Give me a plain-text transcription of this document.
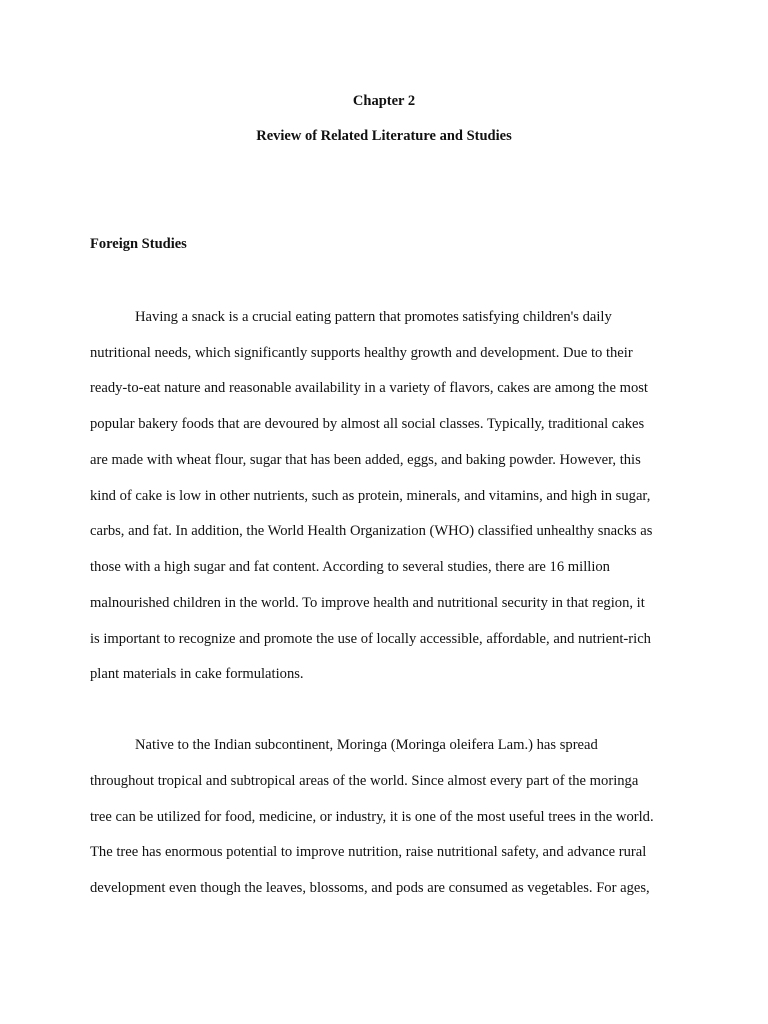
Chapter 2
Review of Related Literature and Studies
Foreign Studies
Having a snack is a crucial eating pattern that promotes satisfying children's daily
nutritional needs, which significantly supports healthy growth and development. Due to their
ready-to-eat nature and reasonable availability in a variety of flavors, cakes are among the most
popular bakery foods that are devoured by almost all social classes. Typically, traditional cakes
are made with wheat flour, sugar that has been added, eggs, and baking powder. However, this
kind of cake is low in other nutrients, such as protein, minerals, and vitamins, and high in sugar,
carbs, and fat. In addition, the World Health Organization (WHO) classified unhealthy snacks as
those with a high sugar and fat content. According to several studies, there are 16 million
malnourished children in the world. To improve health and nutritional security in that region, it
is important to recognize and promote the use of locally accessible, affordable, and nutrient-rich
plant materials in cake formulations.
Native to the Indian subcontinent, Moringa (Moringa oleifera Lam.) has spread
throughout tropical and subtropical areas of the world. Since almost every part of the moringa
tree can be utilized for food, medicine, or industry, it is one of the most useful trees in the world.
The tree has enormous potential to improve nutrition, raise nutritional safety, and advance rural
development even though the leaves, blossoms, and pods are consumed as vegetables. For ages,
